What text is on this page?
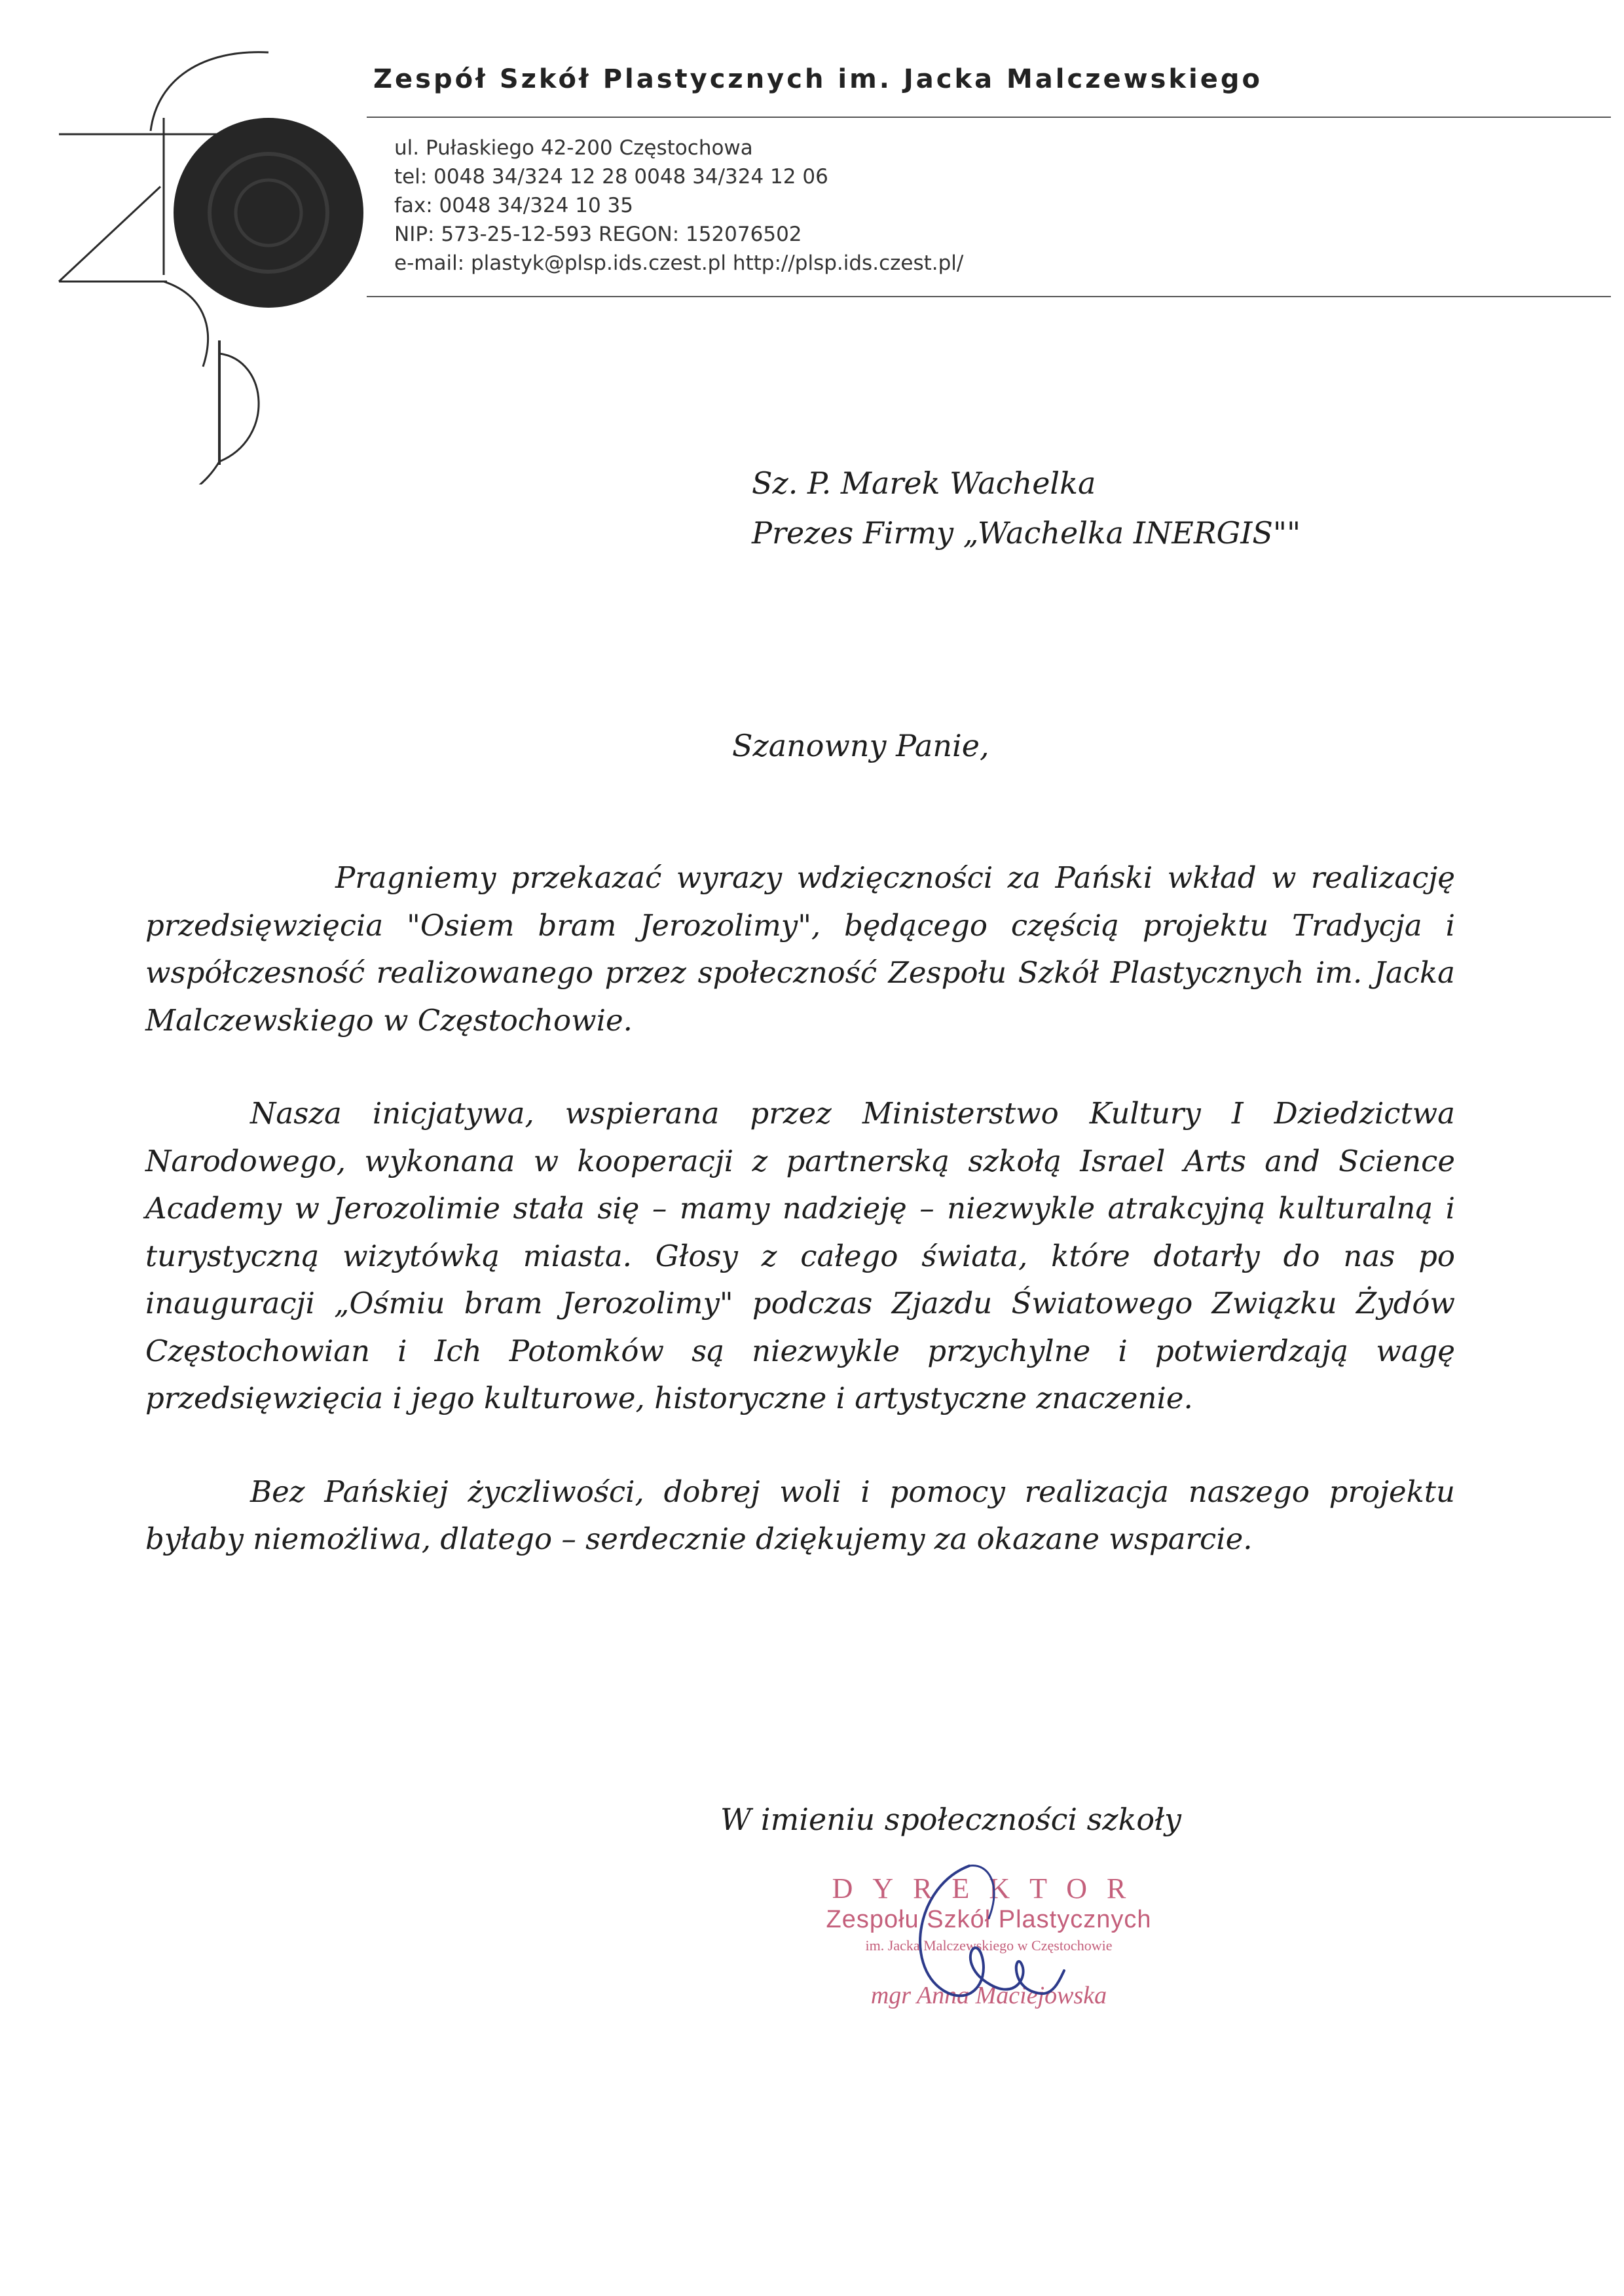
Zespół Szkół Plastycznych im. Jacka Malczewskiego
ul. Pułaskiego 42-200 Częstochowa
tel: 0048 34/324 12 28 0048 34/324 12 06
fax: 0048 34/324 10 35
NIP: 573-25-12-593 REGON: 152076502
e-mail: plastyk@plsp.ids.czest.pl http://plsp.ids.czest.pl/
Sz. P. Marek Wachelka
Prezes Firmy „Wachelka INERGIS""
Szanowny Panie,

Pragniemy przekazać wyrazy wdzięczności za Pański wkład w realizację przedsięwzięcia "Osiem bram Jerozolimy", będącego częścią projektu Tradycja i współczesność realizowanego przez społeczność Zespołu Szkół Plastycznych im. Jacka Malczewskiego w Częstochowie.

Nasza inicjatywa, wspierana przez Ministerstwo Kultury I Dziedzictwa Narodowego, wykonana w kooperacji z partnerską szkołą Israel Arts and Science Academy w Jerozolimie stała się – mamy nadzieję – niezwykle atrakcyjną kulturalną i turystyczną wizytówką miasta. Głosy z całego świata, które dotarły do nas po inauguracji „Ośmiu bram Jerozolimy" podczas Zjazdu Światowego Związku Żydów Częstochowian i Ich Potomków są niezwykle przychylne i potwierdzają wagę przedsięwzięcia i jego kulturowe, historyczne i artystyczne znaczenie.

Bez Pańskiej życzliwości, dobrej woli i pomocy realizacja naszego projektu byłaby niemożliwa, dlatego – serdecznie dziękujemy za okazane wsparcie.

W imieniu społeczności szkoły
DYREKTOR
Zespołu Szkół Plastycznych
im. Jacka Malczewskiego w Częstochowie
mgr Anna Maciejowska
